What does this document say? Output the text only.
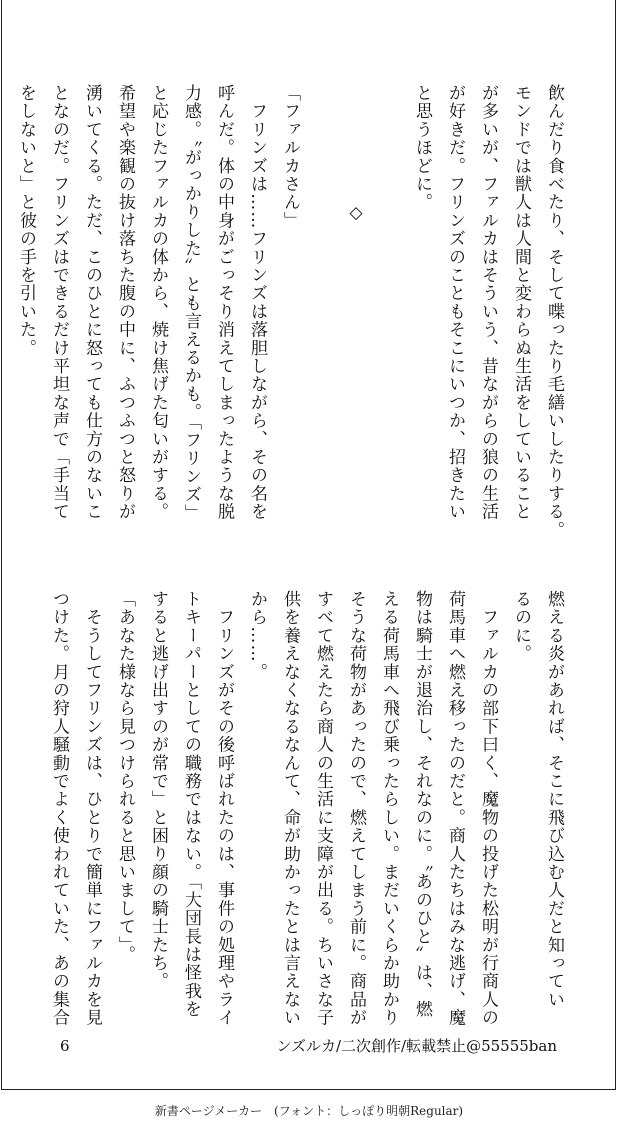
飲んだり食べたり、そして喋ったり毛繕いしたりする。

モンドでは獣人は人間と変わらぬ生活をしていること

が多いが、ファルカはそういう、昔ながらの狼の生活

が好きだ。フリンズのこともそこにいつか、招きたい

と思うほどに。

◇

「ファルカさん」

　フリンズは……フリンズは落胆しながら、その名を

呼んだ。体の中身がごっそり消えてしまったような脱

力感。〝がっかりした〟とも言えるかも。「フリンズ」

と応じたファルカの体から、焼け焦げた匂いがする。

希望や楽観の抜け落ちた腹の中に、ふつふつと怒りが

湧いてくる。ただ、このひとに怒っても仕方のないこ

となのだ。フリンズはできるだけ平坦な声で「手当て

をしないと」と彼の手を引いた。

燃える炎があれば、そこに飛び込む人だと知ってい

るのに。

　ファルカの部下曰く、魔物の投げた松明が行商人の

荷馬車へ燃え移ったのだと。商人たちはみな逃げ、魔

物は騎士が退治し、それなのに。〝あのひと〟は、燃

える荷馬車へ飛び乗ったらしい。まだいくらか助かり

そうな荷物があったので、燃えてしまう前に。商品が

すべて燃えたら商人の生活に支障が出る。ちいさな子

供を養えなくなるなんて、命が助かったとは言えない

から……。

　フリンズがその後呼ばれたのは、事件の処理やライ

トキーパーとしての職務ではない。「大団長は怪我を

すると逃げ出すのが常で」と困り顔の騎士たち。

「あなた様なら見つけられると思いまして」。

　そうしてフリンズは、ひとりで簡単にファルカを見

つけた。月の狩人騒動でよく使われていた、あの集合

6	ンズルカ/二次創作/転載禁止@55555ban
新書ページメーカー　(フォント：しっぽり明朝Regular)
